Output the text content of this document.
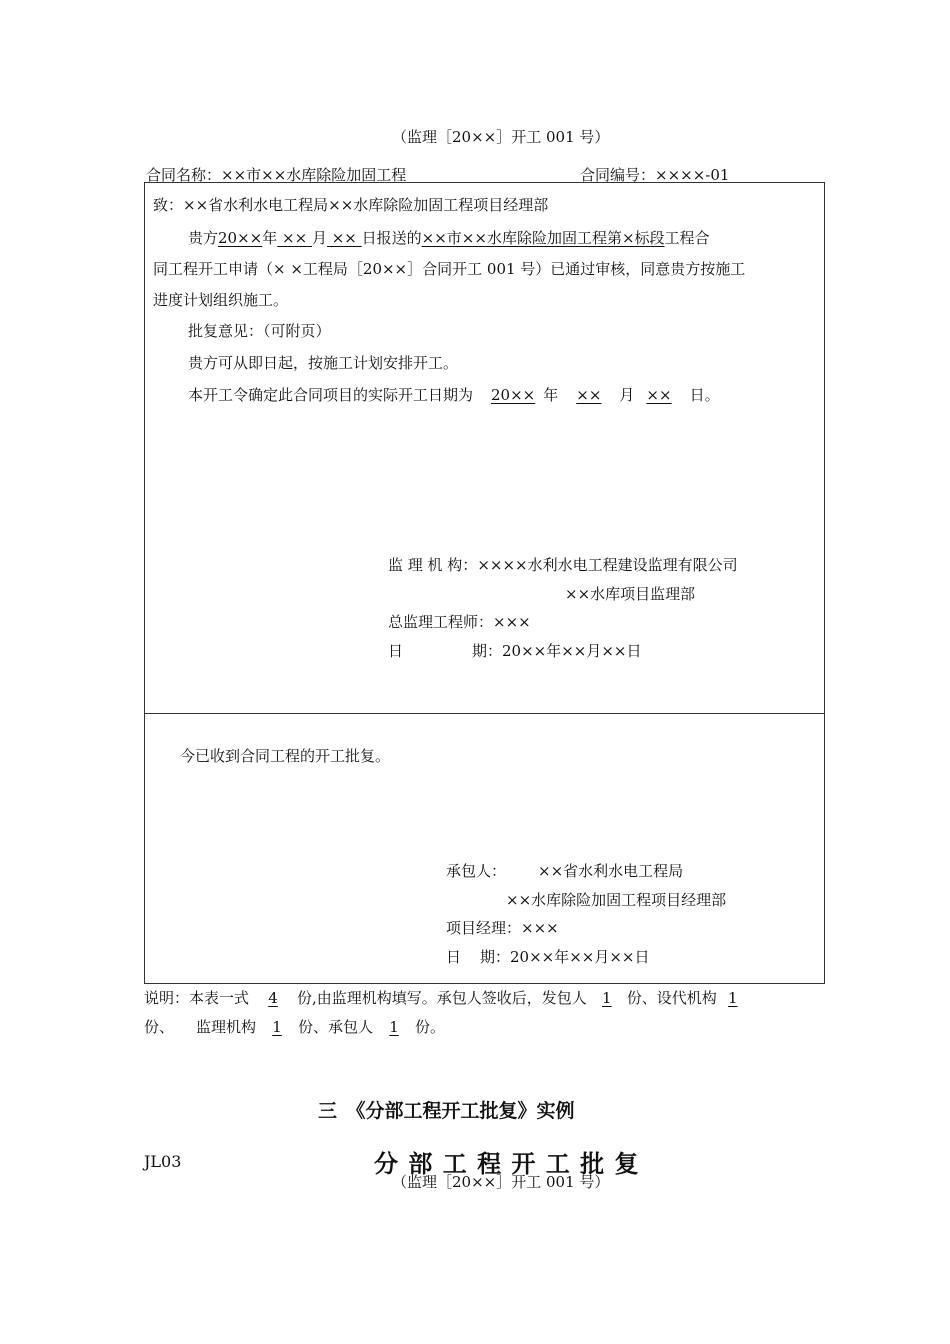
（监理［20××］开工 001 号）
合同名称：××市××水库除险加固工程	合同编号：××××-01
致：××省水利水电工程局××水库除险加固工程项目经理部
贵方20××年 ×× 月 ×× 日报送的××市××水库除险加固工程第×标段工程合
同工程开工申请（× ×工程局［20××］合同开工 001 号）已通过审核，同意贵方按施工
进度计划组织施工。
批复意见：（可附页）
贵方可从即日起，按施工计划安排开工。
本开工令确定此合同项目的实际开工日期为 20×× 年 ×× 月 ×× 日。
监 理 机 构：××××水利水电工程建设监理有限公司
××水库项目监理部
总监理工程师：×××
日	期：20××年××月××日
今已收到合同工程的开工批复。
承包人： ××省水利水电工程局
××水库除险加固工程项目经理部
项目经理：×××
日 期：20××年××月××日
说明：本表一式 4 份,由监理机构填写。承包人签收后，发包人 1 份、设代机构 1
份、 监理机构 1 份、承包人 1 份。
三　《分部工程开工批复》实例
JL03	分 部 工 程 开 工 批 复
（监理［20××］开工 001 号）
